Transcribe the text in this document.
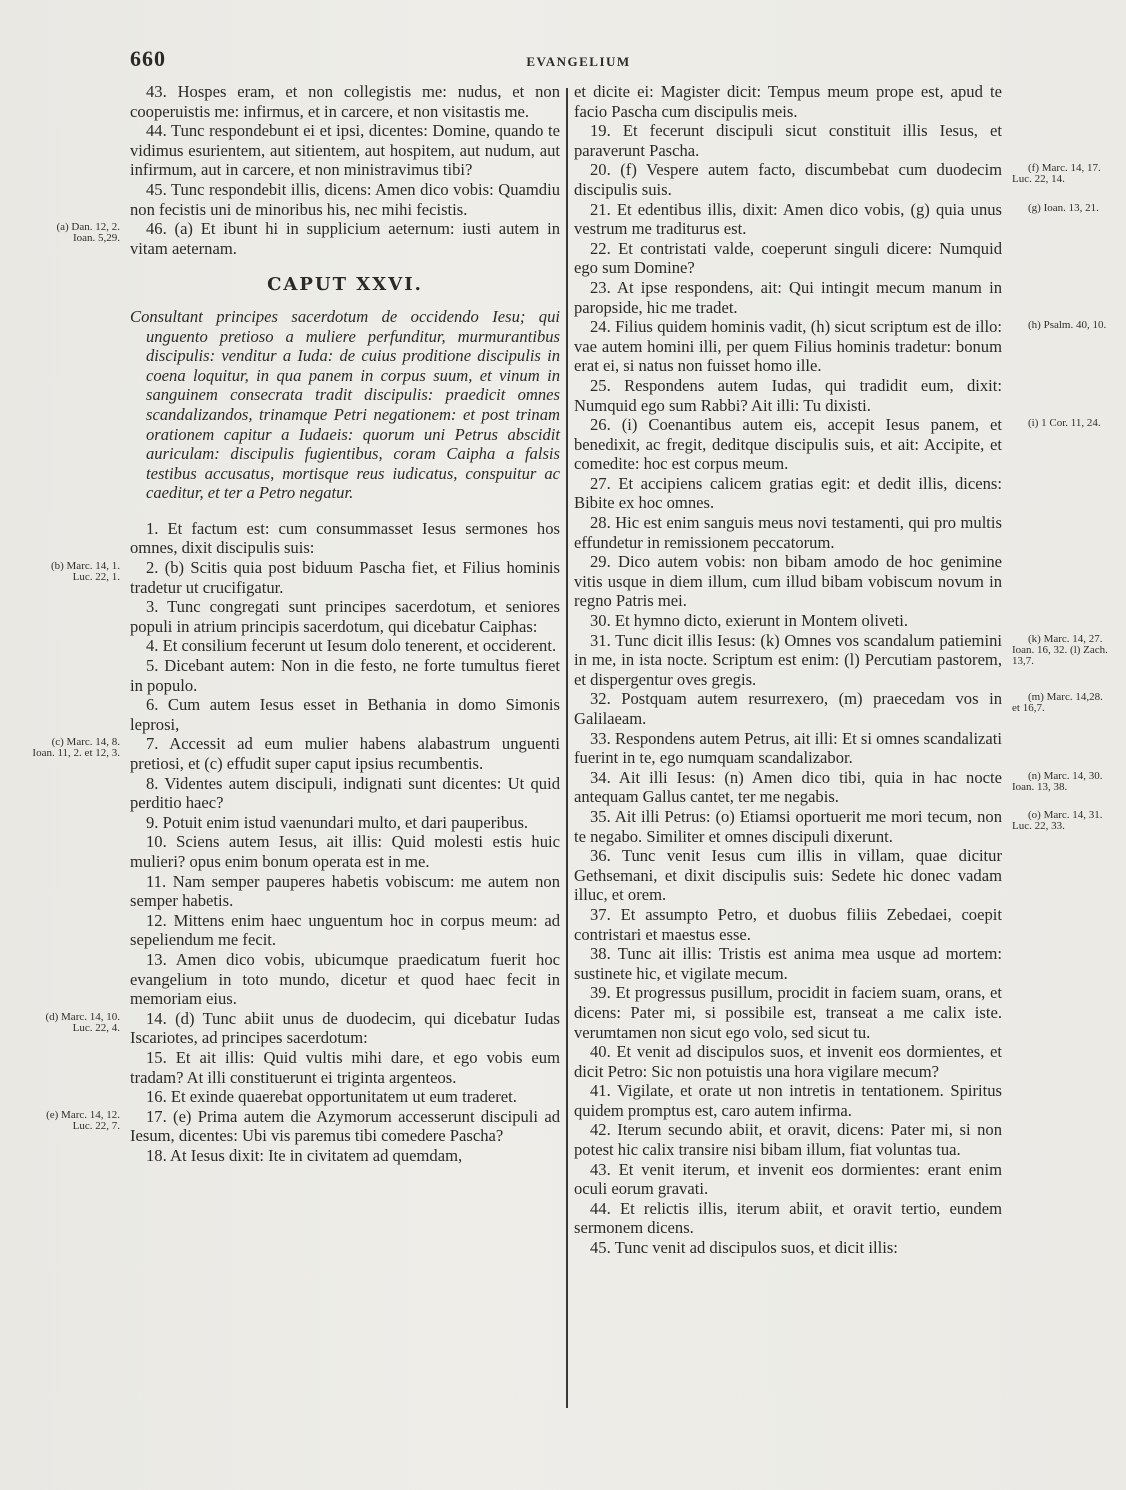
660	EVANGELIUM

43. Hospes eram, et non collegistis me: nudus, et non cooperuistis me: infirmus, et in carcere, et non visitastis me.

44. Tunc respondebunt ei et ipsi, dicentes: Domine, quando te vidimus esurientem, aut sitientem, aut hospitem, aut nudum, aut infirmum, aut in carcere, et non ministravimus tibi?

45. Tunc respondebit illis, dicens: Amen dico vobis: Quamdiu non fecistis uni de minoribus his, nec mihi fecistis.

46. (a) Et ibunt hi in supplicium aeternum: iusti autem in vitam aeternam.
(a) Dan. 12, 2. Ioan. 5,29.

CAPUT XXVI.

Consultant principes sacerdotum de occidendo Iesu; qui unguento pretioso a muliere perfunditur, murmurantibus discipulis: venditur a Iuda: de cuius proditione discipulis in coena loquitur, in qua panem in corpus suum, et vinum in sanguinem consecrata tradit discipulis: praedicit omnes scandalizandos, trinamque Petri negationem: et post trinam orationem capitur a Iudaeis: quorum uni Petrus abscidit auriculam: discipulis fugientibus, coram Caipha a falsis testibus accusatus, mortisque reus iudicatus, conspuitur ac caeditur, et ter a Petro negatur.

1. Et factum est: cum consummasset Iesus sermones hos omnes, dixit discipulis suis:

2. (b) Scitis quia post biduum Pascha fiet, et Filius hominis tradetur ut crucifigatur.
(b) Marc. 14, 1. Luc. 22, 1.

3. Tunc congregati sunt principes sacerdotum, et seniores populi in atrium principis sacerdotum, qui dicebatur Caiphas:

4. Et consilium fecerunt ut Iesum dolo tenerent, et occiderent.

5. Dicebant autem: Non in die festo, ne forte tumultus fieret in populo.

6. Cum autem Iesus esset in Bethania in domo Simonis leprosi,

7. Accessit ad eum mulier habens alabastrum unguenti pretiosi, et (c) effudit super caput ipsius recumbentis.
(c) Marc. 14, 8. Ioan. 11, 2. et 12, 3.

8. Videntes autem discipuli, indignati sunt dicentes: Ut quid perditio haec?

9. Potuit enim istud vaenundari multo, et dari pauperibus.

10. Sciens autem Iesus, ait illis: Quid molesti estis huic mulieri? opus enim bonum operata est in me.

11. Nam semper pauperes habetis vobiscum: me autem non semper habetis.

12. Mittens enim haec unguentum hoc in corpus meum: ad sepeliendum me fecit.

13. Amen dico vobis, ubicumque praedicatum fuerit hoc evangelium in toto mundo, dicetur et quod haec fecit in memoriam eius.

14. (d) Tunc abiit unus de duodecim, qui dicebatur Iudas Iscariotes, ad principes sacerdotum:
(d) Marc. 14, 10. Luc. 22, 4.

15. Et ait illis: Quid vultis mihi dare, et ego vobis eum tradam? At illi constituerunt ei triginta argenteos.

16. Et exinde quaerebat opportunitatem ut eum traderet.

17. (e) Prima autem die Azymorum accesserunt discipuli ad Iesum, dicentes: Ubi vis paremus tibi comedere Pascha?
(e) Marc. 14, 12. Luc. 22, 7.

18. At Iesus dixit: Ite in civitatem ad quemdam,

et dicite ei: Magister dicit: Tempus meum prope est, apud te facio Pascha cum discipulis meis.

19. Et fecerunt discipuli sicut constituit illis Iesus, et paraverunt Pascha.

20. (f) Vespere autem facto, discumbebat cum duodecim discipulis suis.
(f) Marc. 14, 17. Luc. 22, 14.

21. Et edentibus illis, dixit: Amen dico vobis, (g) quia unus vestrum me traditurus est.
(g) Ioan. 13, 21.

22. Et contristati valde, coeperunt singuli dicere: Numquid ego sum Domine?

23. At ipse respondens, ait: Qui intingit mecum manum in paropside, hic me tradet.

24. Filius quidem hominis vadit, (h) sicut scriptum est de illo: vae autem homini illi, per quem Filius hominis tradetur: bonum erat ei, si natus non fuisset homo ille.
(h) Psalm. 40, 10.

25. Respondens autem Iudas, qui tradidit eum, dixit: Numquid ego sum Rabbi? Ait illi: Tu dixisti.

26. (i) Coenantibus autem eis, accepit Iesus panem, et benedixit, ac fregit, deditque discipulis suis, et ait: Accipite, et comedite: hoc est corpus meum.
(i) 1 Cor. 11, 24.

27. Et accipiens calicem gratias egit: et dedit illis, dicens: Bibite ex hoc omnes.

28. Hic est enim sanguis meus novi testamenti, qui pro multis effundetur in remissionem peccatorum.

29. Dico autem vobis: non bibam amodo de hoc genimine vitis usque in diem illum, cum illud bibam vobiscum novum in regno Patris mei.

30. Et hymno dicto, exierunt in Montem oliveti.

31. Tunc dicit illis Iesus: (k) Omnes vos scandalum patiemini in me, in ista nocte. Scriptum est enim: (l) Percutiam pastorem, et dispergentur oves gregis.
(k) Marc. 14, 27. Ioan. 16, 32. (l) Zach. 13,7.

32. Postquam autem resurrexero, (m) praecedam vos in Galilaeam.
(m) Marc. 14,28. et 16,7.

33. Respondens autem Petrus, ait illi: Et si omnes scandalizati fuerint in te, ego numquam scandalizabor.

34. Ait illi Iesus: (n) Amen dico tibi, quia in hac nocte antequam Gallus cantet, ter me negabis.
(n) Marc. 14, 30. Ioan. 13, 38.

35. Ait illi Petrus: (o) Etiamsi oportuerit me mori tecum, non te negabo. Similiter et omnes discipuli dixerunt.
(o) Marc. 14, 31. Luc. 22, 33.

36. Tunc venit Iesus cum illis in villam, quae dicitur Gethsemani, et dixit discipulis suis: Sedete hic donec vadam illuc, et orem.

37. Et assumpto Petro, et duobus filiis Zebedaei, coepit contristari et maestus esse.

38. Tunc ait illis: Tristis est anima mea usque ad mortem: sustinete hic, et vigilate mecum.

39. Et progressus pusillum, procidit in faciem suam, orans, et dicens: Pater mi, si possibile est, transeat a me calix iste. verumtamen non sicut ego volo, sed sicut tu.

40. Et venit ad discipulos suos, et invenit eos dormientes, et dicit Petro: Sic non potuistis una hora vigilare mecum?

41. Vigilate, et orate ut non intretis in tentationem. Spiritus quidem promptus est, caro autem infirma.

42. Iterum secundo abiit, et oravit, dicens: Pater mi, si non potest hic calix transire nisi bibam illum, fiat voluntas tua.

43. Et venit iterum, et invenit eos dormientes: erant enim oculi eorum gravati.

44. Et relictis illis, iterum abiit, et oravit tertio, eundem sermonem dicens.

45. Tunc venit ad discipulos suos, et dicit illis:
